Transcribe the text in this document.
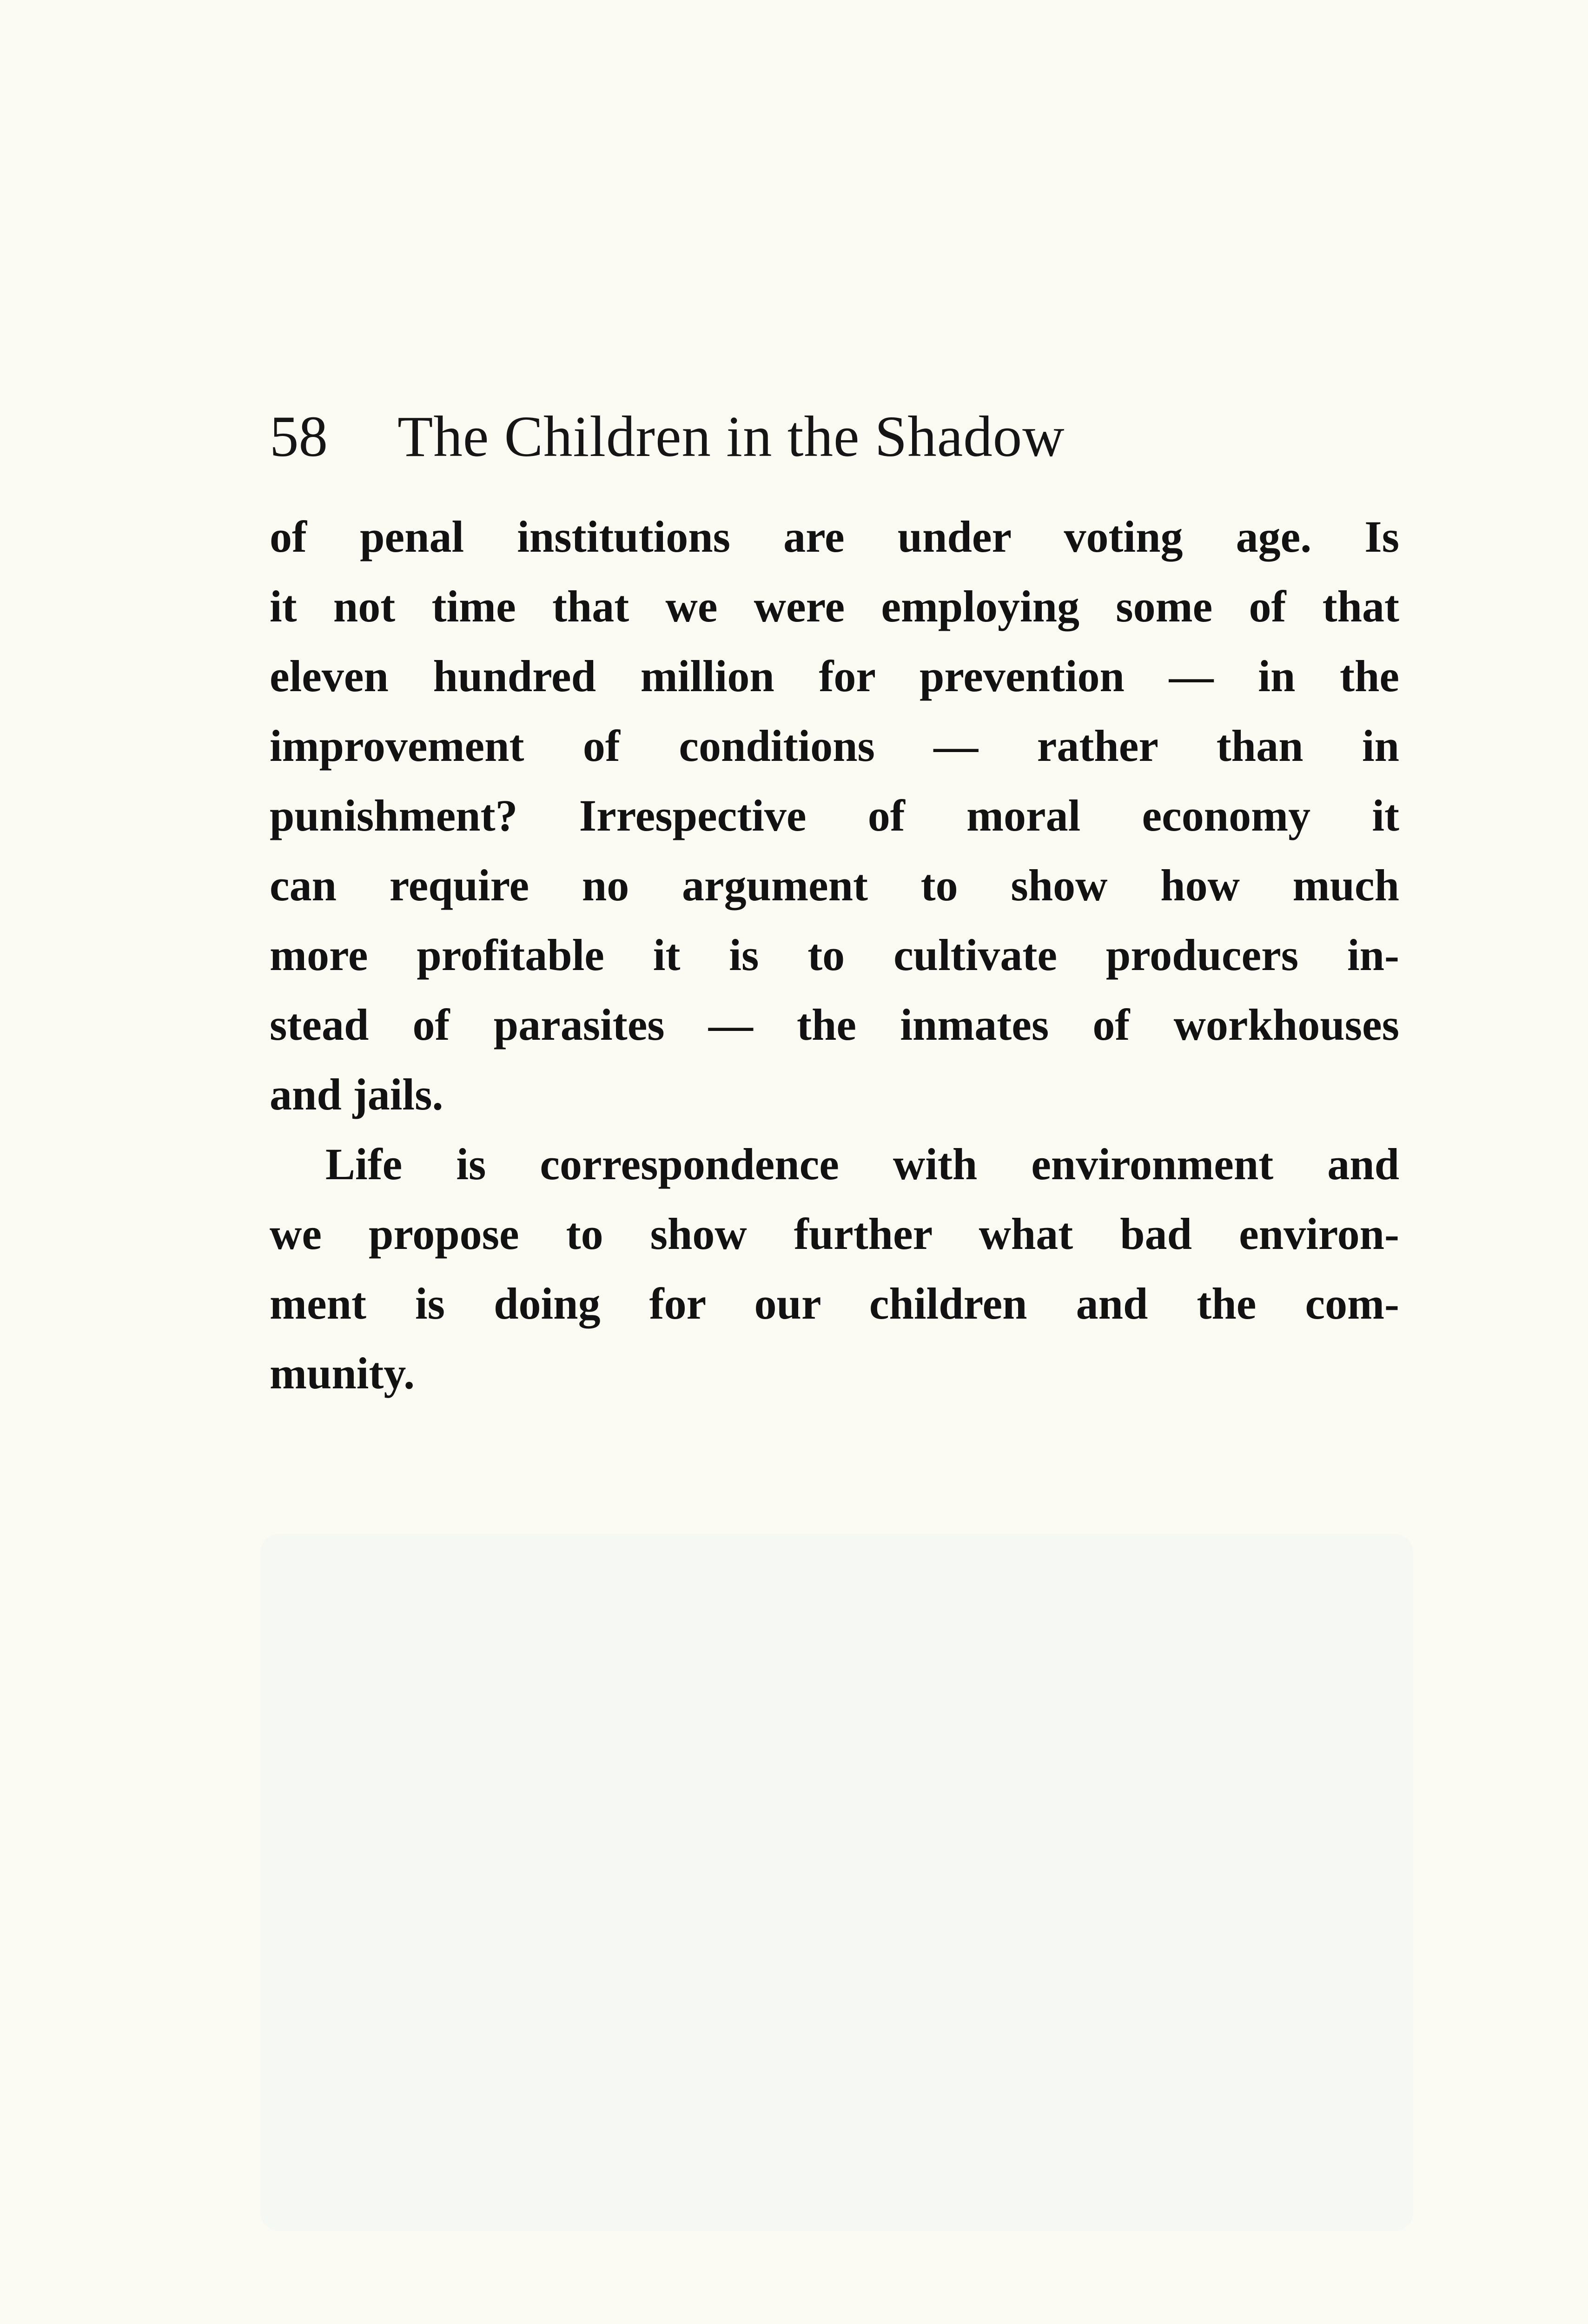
58 The Children in the Shadow
of penal institutions are under voting age. Is
it not time that we were employing some of that
eleven hundred million for prevention — in the
improvement of conditions — rather than in
punishment? Irrespective of moral economy it
can require no argument to show how much
more profitable it is to cultivate producers in-
stead of parasites — the inmates of workhouses
and jails.
Life is correspondence with environment and
we propose to show further what bad environ-
ment is doing for our children and the com-
munity.
